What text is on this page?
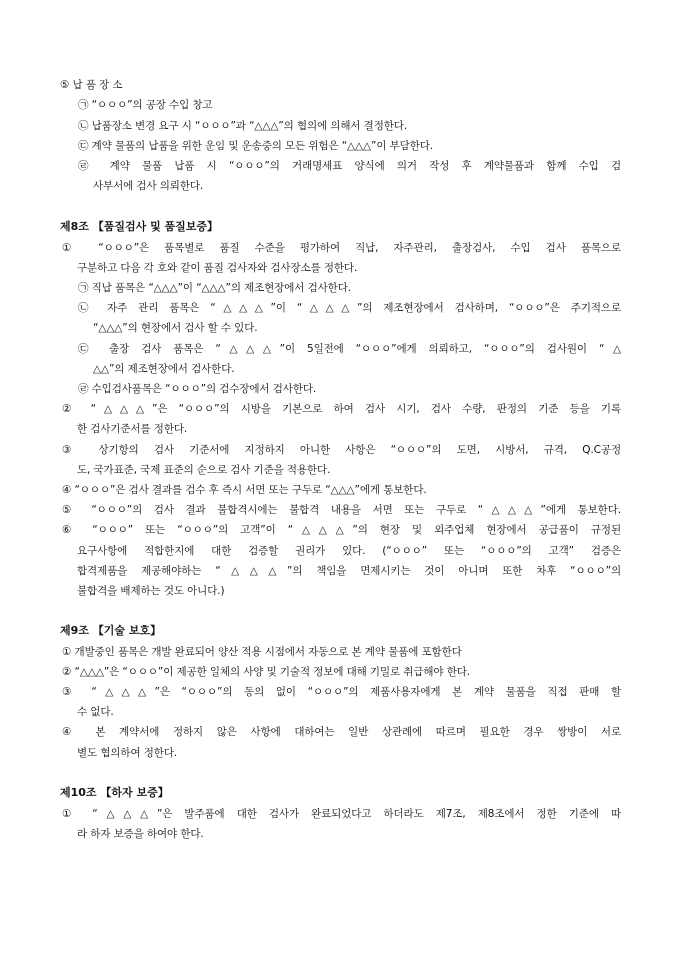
⑤ 납 품 장 소
㉠ “ㅇㅇㅇ”의 공장 수입 창고
㉡ 납품장소 변경 요구 시 “ㅇㅇㅇ”과 “△△△”의 협의에 의해서 결정한다.
㉢ 계약 물품의 납품을 위한 운임 및 운송중의 모든 위험은 “△△△”이 부담한다.
㉣ 계약 물품 납품 시 “ㅇㅇㅇ”의 거래명세표 양식에 의거 작성 후 계약물품과 함께 수입 검
사부서에 검사 의뢰한다.
제8조 【품질검사 및 품질보증】
① “ㅇㅇㅇ”은 품목별로 품질 수준을 평가하여 직납, 자주관리, 출장검사, 수입 검사 품목으로
구분하고 다음 각 호와 같이 품질 검사자와 검사장소를 정한다.
㉠ 직납 품목은 “△△△”이 “△△△”의 제조현장에서 검사한다.
㉡ 자주 관리 품목은 “△△△”이 “△△△”의 제조현장에서 검사하며, “ㅇㅇㅇ”은 주기적으로
“△△△”의 현장에서 검사 할 수 있다.
㉢ 출장 검사 품목은 “△△△”이 5일전에 “ㅇㅇㅇ”에게 의뢰하고, “ㅇㅇㅇ”의 검사원이 “△
△△”의 제조현장에서 검사한다.
㉣ 수입검사품목은 “ㅇㅇㅇ”의 검수장에서 검사한다.
② “△△△”은 “ㅇㅇㅇ”의 시방을 기본으로 하여 검사 시기, 검사 수량, 판정의 기준 등을 기록
한 검사기준서를 정한다.
③ 상기항의 검사 기준서에 지정하지 아니한 사항은 “ㅇㅇㅇ”의 도면, 시방서, 규격, Q.C공정
도, 국가표준, 국제 표준의 순으로 검사 기준을 적용한다.
④ “ㅇㅇㅇ”은 검사 결과를 검수 후 즉시 서면 또는 구두로 “△△△”에게 통보한다.
⑤ “ㅇㅇㅇ”의 검사 결과 불합격시에는 불합격 내용을 서면 또는 구두로 “△△△”에게 통보한다.
⑥ “ㅇㅇㅇ” 또는 “ㅇㅇㅇ”의 고객”이 “△△△”의 현장 및 외주업체 현장에서 공급품이 규정된
요구사항에 적합한지에 대한 검증할 권리가 있다. (“ㅇㅇㅇ” 또는 “ㅇㅇㅇ”의 고객” 검증은
합격제품을 제공해야하는 “△△△”의 책임을 면제시키는 것이 아니며 또한 차후 “ㅇㅇㅇ”의
불합격을 배제하는 것도 아니다.)
제9조 【기술 보호】
① 개발중인 품목은 개발 완료되어 양산 적용 시점에서 자동으로 본 계약 물품에 포함한다
② “△△△”은 “ㅇㅇㅇ”이 제공한 일체의 사양 및 기술적 정보에 대해 기밀로 취급해야 한다.
③ “△△△”은 “ㅇㅇㅇ”의 동의 없이 “ㅇㅇㅇ”의 제품사용자에게 본 계약 물품을 직접 판매 할
수 없다.
④ 본 계약서에 정하지 않은 사항에 대하여는 일반 상관례에 따르며 필요한 경우 쌍방이 서로
별도 협의하여 정한다.
제10조 【하자 보증】
① “△△△”은 발주품에 대한 검사가 완료되었다고 하더라도 제7조, 제8조에서 정한 기준에 따
라 하자 보증을 하여야 한다.
